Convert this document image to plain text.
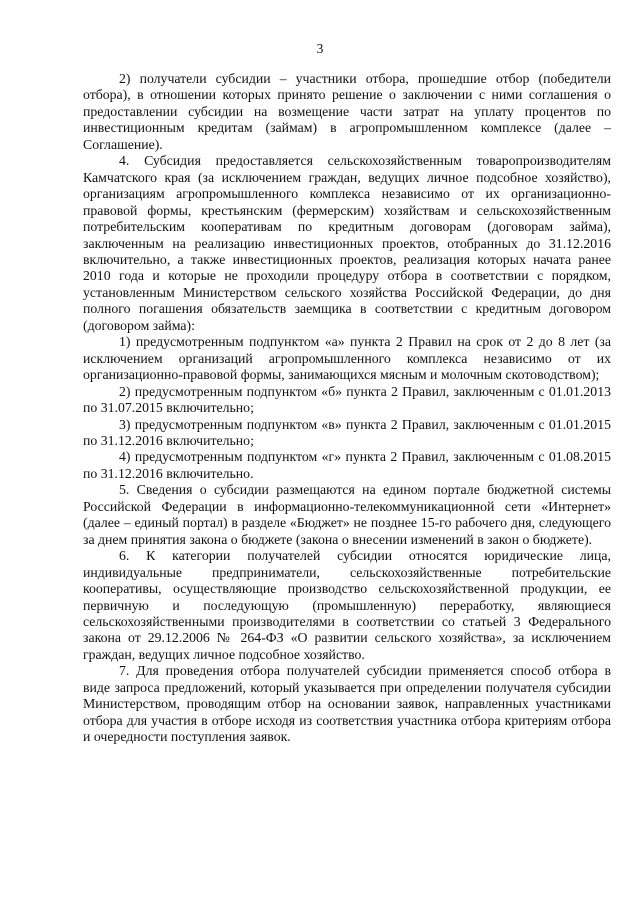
3

2) получатели субсидии – участники отбора, прошедшие отбор (победители отбора), в отношении которых принято решение о заключении с ними соглашения о предоставлении субсидии на возмещение части затрат на уплату процентов по инвестиционным кредитам (займам) в агропромышленном комплексе (далее – Соглашение).

4. Субсидия предоставляется сельскохозяйственным товаропроизводителям Камчатского края (за исключением граждан, ведущих личное подсобное хозяйство), организациям агропромышленного комплекса независимо от их организационно-правовой формы, крестьянским (фермерским) хозяйствам и сельскохозяйственным потребительским кооперативам по кредитным договорам (договорам займа), заключенным на реализацию инвестиционных проектов, отобранных до 31.12.2016 включительно, а также инвестиционных проектов, реализация которых начата ранее 2010 года и которые не проходили процедуру отбора в соответствии с порядком, установленным Министерством сельского хозяйства Российской Федерации, до дня полного погашения обязательств заемщика в соответствии с кредитным договором (договором займа):

1) предусмотренным подпунктом «а» пункта 2 Правил на срок от 2 до 8 лет (за исключением организаций агропромышленного комплекса независимо от их организационно-правовой формы, занимающихся мясным и молочным скотоводством);

2) предусмотренным подпунктом «б» пункта 2 Правил, заключенным с 01.01.2013 по 31.07.2015 включительно;

3) предусмотренным подпунктом «в» пункта 2 Правил, заключенным с 01.01.2015 по 31.12.2016 включительно;

4) предусмотренным подпунктом «г» пункта 2 Правил, заключенным с 01.08.2015 по 31.12.2016 включительно.

5. Сведения о субсидии размещаются на едином портале бюджетной системы Российской Федерации в информационно-телекоммуникационной сети «Интернет» (далее – единый портал) в разделе «Бюджет» не позднее 15-го рабочего дня, следующего за днем принятия закона о бюджете (закона о внесении изменений в закон о бюджете).

6. К категории получателей субсидии относятся юридические лица, индивидуальные предприниматели, сельскохозяйственные потребительские кооперативы, осуществляющие производство сельскохозяйственной продукции, ее первичную и последующую (промышленную) переработку, являющиеся сельскохозяйственными производителями в соответствии со статьей 3 Федерального закона от 29.12.2006 № 264-ФЗ «О развитии сельского хозяйства», за исключением граждан, ведущих личное подсобное хозяйство.

7. Для проведения отбора получателей субсидии применяется способ отбора в виде запроса предложений, который указывается при определении получателя субсидии Министерством, проводящим отбор на основании заявок, направленных участниками отбора для участия в отборе исходя из соответствия участника отбора критериям отбора и очередности поступления заявок.
